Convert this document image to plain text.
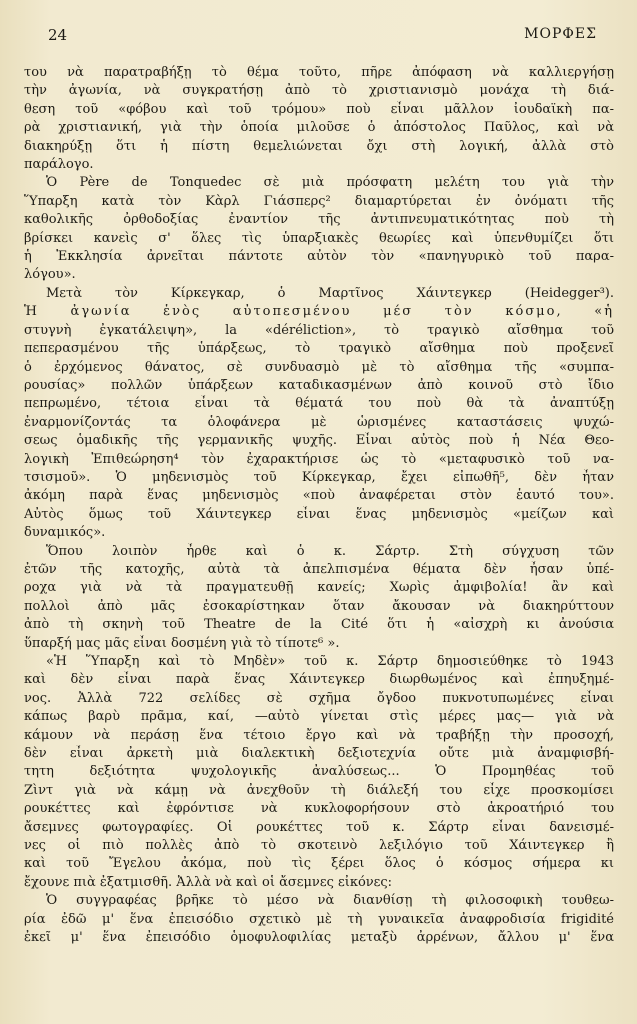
24	ΜΟΡΦΕΣ
του νὰ παρατραβήξῃ τὸ θέμα τοῦτο, πῆρε ἀπόφαση νὰ καλλιεργήσῃ
τὴν ἀγωνία, νὰ συγκρατήσῃ ἀπὸ τὸ χριστιανισμὸ μονάχα τὴ διά-
θεση τοῦ «φόβου καὶ τοῦ τρόμου» ποὺ εἶναι μᾶλλον ἰουδαϊκὴ πα-
ρὰ χριστιανική, γιὰ τὴν ὁποία μιλοῦσε ὁ ἀπόστολος Παῦλος, καὶ νὰ
διακηρύξῃ ὅτι ἡ πίστη θεμελιώνεται ὄχι στὴ λογική, ἀλλὰ στὸ
παράλογο.
Ὁ Père de Tonquedec σὲ μιὰ πρόσφατη μελέτη του γιὰ τὴν
Ὕπαρξη κατὰ τὸν Κὰρλ Γιάσπερς² διαμαρτύρεται ἐν ὀνόματι τῆς
καθολικῆς ὀρθοδοξίας ἐναντίον τῆς ἀντιπνευματικότητας ποὺ τὴ
βρίσκει κανεὶς σ' ὅλες τὶς ὑπαρξιακὲς θεωρίες καὶ ὑπενθυμίζει ὅτι
ἡ Ἐκκλησία ἀρνεῖται πάντοτε αὐτὸν τὸν «πανηγυρικὸ τοῦ παρα-
λόγου».
Μετὰ τὸν Κίρκεγκαρ, ὁ Μαρτῖνος Χάιντεγκερ (Heidegger³).
Ἡ ἀγωνία ἑνὸς αὐτοπεσμένου μέσ τὸν κόσμο, «ἡ
στυγνὴ ἐγκατάλειψη», la «déréliction», τὸ τραγικὸ αἴσθημα τοῦ
πεπερασμένου τῆς ὑπάρξεως, τὸ τραγικὸ αἴσθημα ποὺ προξενεῖ
ὁ ἐρχόμενος θάνατος, σὲ συνδυασμὸ μὲ τὸ αἴσθημα τῆς «συμπα-
ρουσίας» πολλῶν ὑπάρξεων καταδικασμένων ἀπὸ κοινοῦ στὸ ἴδιο
πεπρωμένο, τέτοια εἶναι τὰ θέματά του ποὺ θὰ τὰ ἀναπτύξῃ
ἐναρμονίζοντάς τα ὁλοφάνερα μὲ ὡρισμένες καταστάσεις ψυχώ-
σεως ὁμαδικῆς τῆς γερμανικῆς ψυχῆς. Εἶναι αὐτὸς ποὺ ἡ Νέα Θεο-
λογικὴ Ἐπιθεώρηση⁴ τὸν ἐχαρακτήρισε ὡς τὸ «μεταφυσικὸ τοῦ να-
τσισμοῦ». Ὁ μηδενισμὸς τοῦ Κίρκεγκαρ, ἔχει εἰπωθῆ⁵, δὲν ἦταν
ἀκόμη παρὰ ἕνας μηδενισμὸς «ποὺ ἀναφέρεται στὸν ἑαυτό του».
Αὐτὸς ὅμως τοῦ Χάιντεγκερ εἶναι ἕνας μηδενισμὸς «μείζων καὶ
δυναμικός».
Ὅπου λοιπὸν ἦρθε καὶ ὁ κ. Σάρτρ. Στὴ σύγχυση τῶν
ἐτῶν τῆς κατοχῆς, αὐτὰ τὰ ἀπελπισμένα θέματα δὲν ἦσαν ὑπέ-
ροχα γιὰ νὰ τὰ πραγματευθῇ κανείς; Χωρὶς ἀμφιβολία! ἂν καὶ
πολλοὶ ἀπὸ μᾶς ἐσοκαρίστηκαν ὅταν ἄκουσαν νὰ διακηρύττουν
ἀπὸ τὴ σκηνὴ τοῦ Theatre de la Cité ὅτι ἡ «αἰσχρὴ κι ἀνούσια
ὕπαρξή μας μᾶς εἶναι δοσμένη γιὰ τὸ τίποτε⁶ ».
«Ἡ Ὕπαρξη καὶ τὸ Μηδὲν» τοῦ κ. Σάρτρ δημοσιεύθηκε τὸ 1943
καὶ δὲν εἶναι παρὰ ἕνας Χάιντεγκερ διωρθωμένος καὶ ἐπηυξημέ-
νος. Ἀλλὰ 722 σελίδες σὲ σχῆμα ὄγδοο πυκνοτυπωμένες εἶναι
κάπως βαρὺ πρᾶμα, καί, —αὐτὸ γίνεται στὶς μέρες μας— γιὰ νὰ
κάμουν νὰ περάσῃ ἕνα τέτοιο ἔργο καὶ νὰ τραβήξῃ τὴν προσοχή,
δὲν εἶναι ἀρκετὴ μιὰ διαλεκτικὴ δεξιοτεχνία οὔτε μιὰ ἀναμφισβή-
τητη δεξιότητα ψυχολογικῆς ἀναλύσεως... Ὁ Προμηθέας τοῦ
Ζὶντ γιὰ νὰ κάμῃ νὰ ἀνεχθοῦν τὴ διάλεξή του εἶχε προσκομίσει
ρουκέττες καὶ ἐφρόντισε νὰ κυκλοφορήσουν στὸ ἀκροατήριό του
ἄσεμνες φωτογραφίες. Οἱ ρουκέττες τοῦ κ. Σάρτρ εἶναι δανεισμέ-
νες οἱ πιὸ πολλὲς ἀπὸ τὸ σκοτεινὸ λεξιλόγιο τοῦ Χάιντεγκερ ἢ
καὶ τοῦ Ἔγελου ἀκόμα, ποὺ τὶς ξέρει ὅλος ὁ κόσμος σήμερα κι
ἔχουνε πιὰ ἐξατμισθῆ. Ἀλλὰ νὰ καὶ οἱ ἄσεμνες εἰκόνες:
Ὁ συγγραφέας βρῆκε τὸ μέσο νὰ διανθίσῃ τὴ φιλοσοφικὴ τουθεω-
ρία ἐδῶ μ' ἕνα ἐπεισόδιο σχετικὸ μὲ τὴ γυναικεῖα ἀναφροδισία frigidité
ἐκεῖ μ' ἕνα ἐπεισόδιο ὁμοφυλοφιλίας μεταξὺ ἀρρένων, ἄλλου μ' ἕνα
